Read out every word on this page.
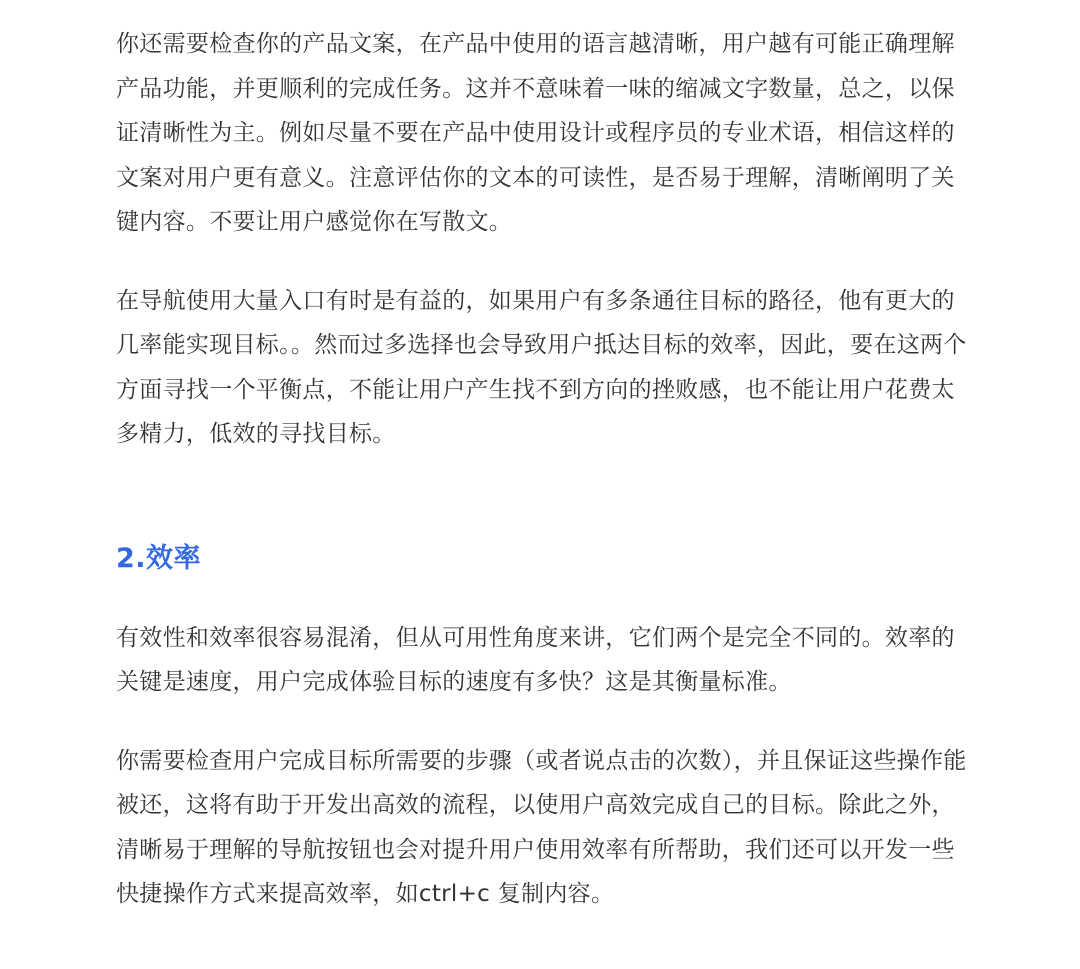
你还需要检查你的产品文案，在产品中使用的语言越清晰，用户越有可能正确理解产品功能，并更顺利的完成任务。这并不意味着一味的缩减文字数量，总之，以保证清晰性为主。例如尽量不要在产品中使用设计或程序员的专业术语，相信这样的文案对用户更有意义。注意评估你的文本的可读性，是否易于理解，清晰阐明了关键内容。不要让用户感觉你在写散文。

在导航使用大量入口有时是有益的，如果用户有多条通往目标的路径，他有更大的几率能实现目标。。然而过多选择也会导致用户抵达目标的效率，因此，要在这两个方面寻找一个平衡点，不能让用户产生找不到方向的挫败感，也不能让用户花费太多精力，低效的寻找目标。

2.效率

有效性和效率很容易混淆，但从可用性角度来讲，它们两个是完全不同的。效率的关键是速度，用户完成体验目标的速度有多快？这是其衡量标准。

你需要检查用户完成目标所需要的步骤（或者说点击的次数），并且保证这些操作能被还，这将有助于开发出高效的流程，以使用户高效完成自己的目标。除此之外，清晰易于理解的导航按钮也会对提升用户使用效率有所帮助，我们还可以开发一些快捷操作方式来提高效率，如ctrl+c 复制内容。
